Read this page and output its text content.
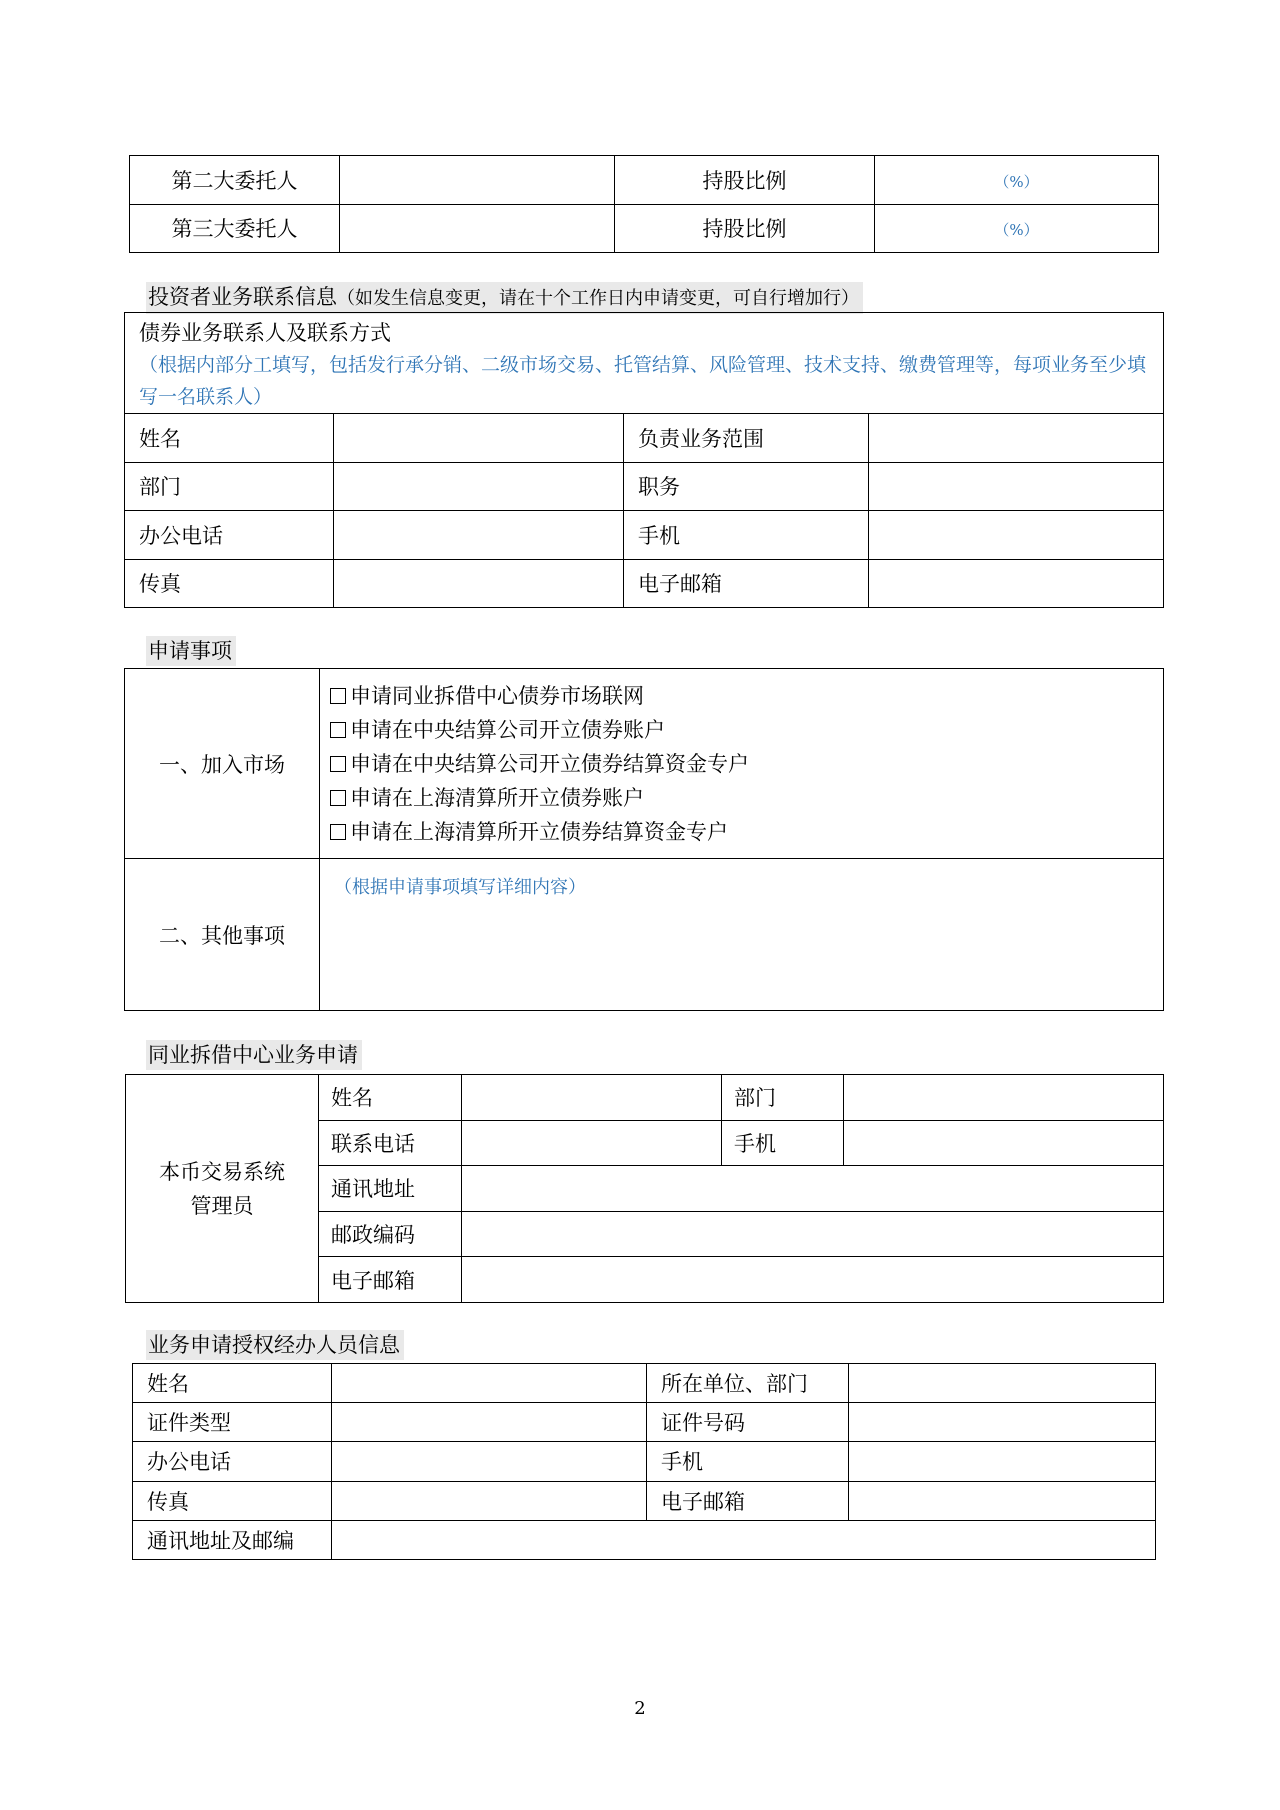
第二大委托人		持股比例	（%）
第三大委托人		持股比例	（%）
投资者业务联系信息（如发生信息变更，请在十个工作日内申请变更，可自行增加行）
债券业务联系人及联系方式
（根据内部分工填写，包括发行承分销、二级市场交易、托管结算、风险管理、技术支持、缴费管理等，每项业务至少填写一名联系人）			

姓名		负责业务范围	
部门		职务	
办公电话		手机	
传真		电子邮箱	
申请事项
一、加入市场	申请同业拆借中心债券市场联网
申请在中央结算公司开立债券账户
申请在中央结算公司开立债券结算资金专户
申请在上海清算所开立债券账户
申请在上海清算所开立债券结算资金专户

二、其他事项	（根据申请事项填写详细内容）
同业拆借中心业务申请
本币交易系统
管理员	姓名		部门	
	联系电话		手机	
	通讯地址			
	邮政编码			
	电子邮箱			
业务申请授权经办人员信息
姓名		所在单位、部门	
证件类型		证件号码	
办公电话		手机	
传真		电子邮箱	
通讯地址及邮编			
2
